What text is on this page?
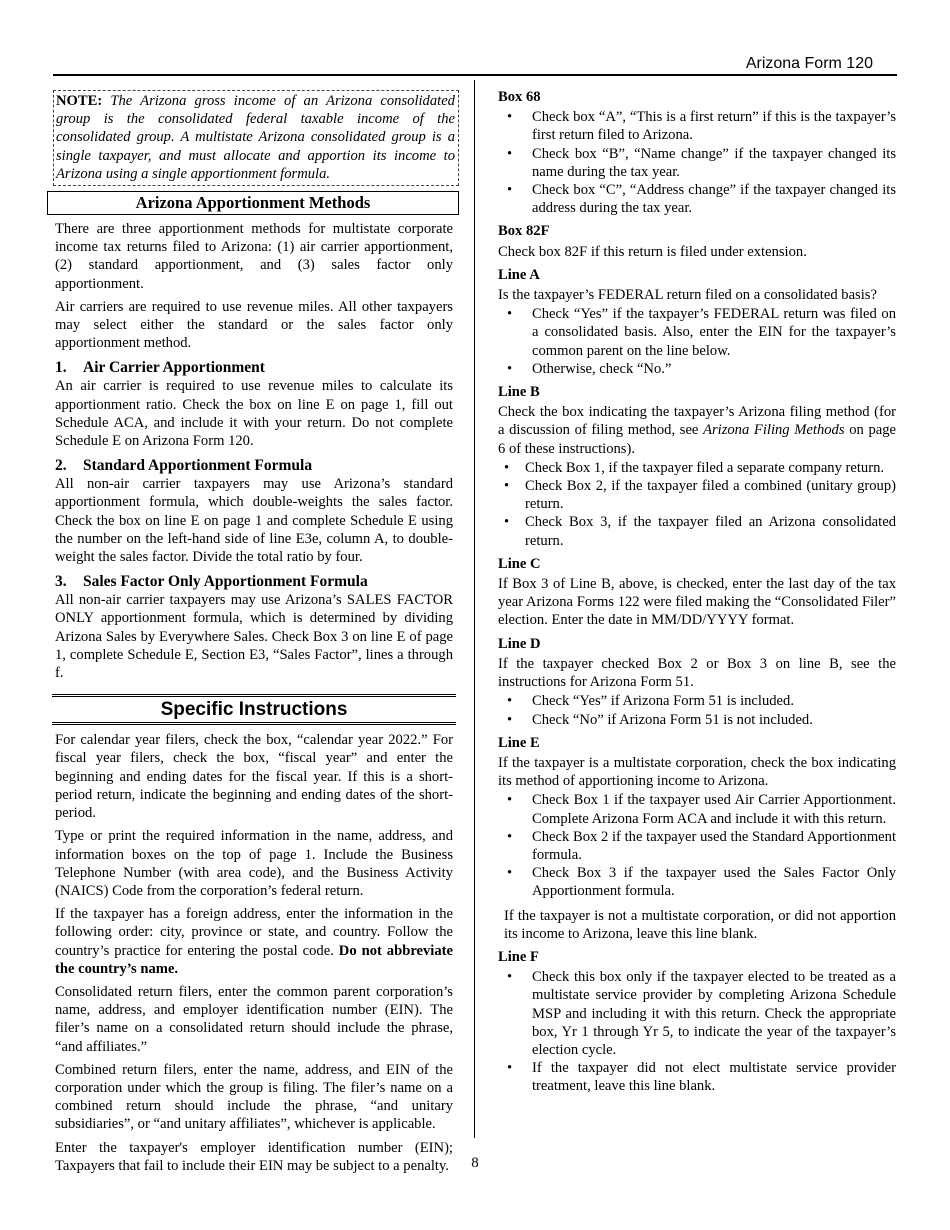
Arizona Form 120
NOTE: The Arizona gross income of an Arizona consolidated group is the consolidated federal taxable income of the consolidated group. A multistate Arizona consolidated group is a single taxpayer, and must allocate and apportion its income to Arizona using a single apportionment formula.
Arizona Apportionment Methods

There are three apportionment methods for multistate corporate income tax returns filed to Arizona: (1) air carrier apportionment, (2) standard apportionment, and (3) sales factor only apportionment.

Air carriers are required to use revenue miles. All other taxpayers may select either the standard or the sales factor only apportionment method.

1. Air Carrier Apportionment

An air carrier is required to use revenue miles to calculate its apportionment ratio. Check the box on line E on page 1, fill out Schedule ACA, and include it with your return. Do not complete Schedule E on Arizona Form 120.

2. Standard Apportionment Formula

All non-air carrier taxpayers may use Arizona’s standard apportionment formula, which double-weights the sales factor. Check the box on line E on page 1 and complete Schedule E using the number on the left-hand side of line E3e, column A, to double-weight the sales factor. Divide the total ratio by four.

3. Sales Factor Only Apportionment Formula

All non-air carrier taxpayers may use Arizona’s SALES FACTOR ONLY apportionment formula, which is determined by dividing Arizona Sales by Everywhere Sales. Check Box 3 on line E of page 1, complete Schedule E, Section E3, “Sales Factor”, lines a through f.

Specific Instructions

For calendar year filers, check the box, “calendar year 2022.” For fiscal year filers, check the box, “fiscal year” and enter the beginning and ending dates for the fiscal year. If this is a short-period return, indicate the beginning and ending dates of the short-period.

Type or print the required information in the name, address, and information boxes on the top of page 1. Include the Business Telephone Number (with area code), and the Business Activity (NAICS) Code from the corporation’s federal return.

If the taxpayer has a foreign address, enter the information in the following order: city, province or state, and country. Follow the country’s practice for entering the postal code. Do not abbreviate the country’s name.

Consolidated return filers, enter the common parent corporation’s name, address, and employer identification number (EIN). The filer’s name on a consolidated return should include the phrase, “and affiliates.”

Combined return filers, enter the name, address, and EIN of the corporation under which the group is filing. The filer’s name on a combined return should include the phrase, “and unitary subsidiaries”, or “and unitary affiliates”, whichever is applicable.

Enter the taxpayer's employer identification number (EIN); Taxpayers that fail to include their EIN may be subject to a penalty.

Box 68
• Check box “A”, “This is a first return” if this is the taxpayer’s first return filed to Arizona.
• Check box “B”, “Name change” if the taxpayer changed its name during the tax year.
• Check box “C”, “Address change” if the taxpayer changed its address during the tax year.
Box 82F

Check box 82F if this return is filed under extension.

Line A

Is the taxpayer’s FEDERAL return filed on a consolidated basis?

• Check “Yes” if the taxpayer’s FEDERAL return was filed on a consolidated basis. Also, enter the EIN for the taxpayer’s common parent on the line below.
• Otherwise, check “No.”
Line B

Check the box indicating the taxpayer’s Arizona filing method (for a discussion of filing method, see Arizona Filing Methods on page 6 of these instructions).

• Check Box 1, if the taxpayer filed a separate company return.
• Check Box 2, if the taxpayer filed a combined (unitary group) return.
• Check Box 3, if the taxpayer filed an Arizona consolidated return.
Line C

If Box 3 of Line B, above, is checked, enter the last day of the tax year Arizona Forms 122 were filed making the “Consolidated Filer” election. Enter the date in MM/DD/YYYY format.

Line D

If the taxpayer checked Box 2 or Box 3 on line B, see the instructions for Arizona Form 51.

• Check “Yes” if Arizona Form 51 is included.
• Check “No” if Arizona Form 51 is not included.
Line E

If the taxpayer is a multistate corporation, check the box indicating its method of apportioning income to Arizona.

• Check Box 1 if the taxpayer used Air Carrier Apportionment. Complete Arizona Form ACA and include it with this return.
• Check Box 2 if the taxpayer used the Standard Apportionment formula.
• Check Box 3 if the taxpayer used the Sales Factor Only Apportionment formula.

If the taxpayer is not a multistate corporation, or did not apportion its income to Arizona, leave this line blank.

Line F
• Check this box only if the taxpayer elected to be treated as a multistate service provider by completing Arizona Schedule MSP and including it with this return. Check the appropriate box, Yr 1 through Yr 5, to indicate the year of the taxpayer’s election cycle.
• If the taxpayer did not elect multistate service provider treatment, leave this line blank.
8
